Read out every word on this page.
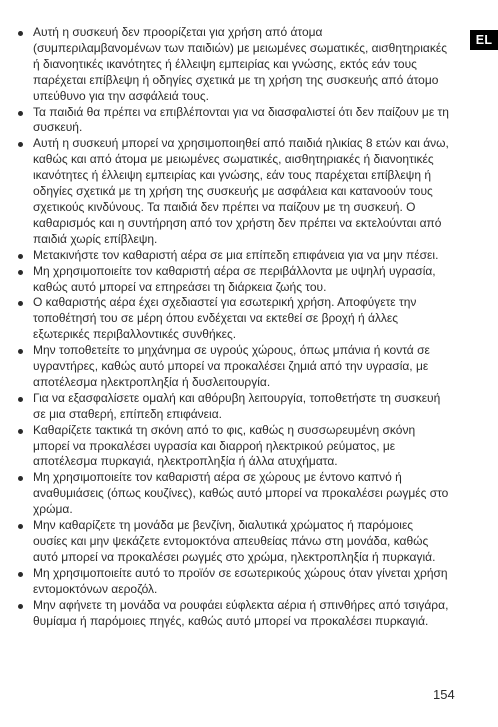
EL
Αυτή η συσκευή δεν προορίζεται για χρήση από άτομα (συμπεριλαμβανομένων των παιδιών) με μειωμένες σωματικές, αισθητηριακές ή διανοητικές ικανότητες ή έλλειψη εμπειρίας και γνώσης, εκτός εάν τους παρέχεται επίβλεψη ή οδηγίες σχετικά με τη χρήση της συσκευής από άτομο υπεύθυνο για την ασφάλειά τους.
Τα παιδιά θα πρέπει να επιβλέπονται για να διασφαλιστεί ότι δεν παίζουν με τη συσκευή.
Αυτή η συσκευή μπορεί να χρησιμοποιηθεί από παιδιά ηλικίας 8 ετών και άνω, καθώς και από άτομα με μειωμένες σωματικές, αισθητηριακές ή διανοητικές ικανότητες ή έλλειψη εμπειρίας και γνώσης, εάν τους παρέχεται επίβλεψη ή οδηγίες σχετικά με τη χρήση της συσκευής με ασφάλεια και κατανοούν τους σχετικούς κινδύνους. Τα παιδιά δεν πρέπει να παίζουν με τη συσκευή. Ο καθαρισμός και η συντήρηση από τον χρήστη δεν πρέπει να εκτελούνται από παιδιά χωρίς επίβλεψη.
Μετακινήστε τον καθαριστή αέρα σε μια επίπεδη επιφάνεια για να μην πέσει.
Μη χρησιμοποιείτε τον καθαριστή αέρα σε περιβάλλοντα με υψηλή υγρασία, καθώς αυτό μπορεί να επηρεάσει τη διάρκεια ζωής του.
Ο καθαριστής αέρα έχει σχεδιαστεί για εσωτερική χρήση. Αποφύγετε την τοποθέτησή του σε μέρη όπου ενδέχεται να εκτεθεί σε βροχή ή άλλες εξωτερικές περιβαλλοντικές συνθήκες.
Μην τοποθετείτε το μηχάνημα σε υγρούς χώρους, όπως μπάνια ή κοντά σε υγραντήρες, καθώς αυτό μπορεί να προκαλέσει ζημιά από την υγρασία, με αποτέλεσμα ηλεκτροπληξία ή δυσλειτουργία.
Για να εξασφαλίσετε ομαλή και αθόρυβη λειτουργία, τοποθετήστε τη συσκευή σε μια σταθερή, επίπεδη επιφάνεια.
Καθαρίζετε τακτικά τη σκόνη από το φις, καθώς η συσσωρευμένη σκόνη μπορεί να προκαλέσει υγρασία και διαρροή ηλεκτρικού ρεύματος, με αποτέλεσμα πυρκαγιά, ηλεκτροπληξία ή άλλα ατυχήματα.
Μη χρησιμοποιείτε τον καθαριστή αέρα σε χώρους με έντονο καπνό ή αναθυμιάσεις (όπως κουζίνες), καθώς αυτό μπορεί να προκαλέσει ρωγμές στο χρώμα.
Μην καθαρίζετε τη μονάδα με βενζίνη, διαλυτικά χρώματος ή παρόμοιες ουσίες και μην ψεκάζετε εντομοκτόνα απευθείας πάνω στη μονάδα, καθώς αυτό μπορεί να προκαλέσει ρωγμές στο χρώμα, ηλεκτροπληξία ή πυρκαγιά.
Μη χρησιμοποιείτε αυτό το προϊόν σε εσωτερικούς χώρους όταν γίνεται χρήση εντομοκτόνων αεροζόλ.
Μην αφήνετε τη μονάδα να ρουφάει εύφλεκτα αέρια ή σπινθήρες από τσιγάρα, θυμίαμα ή παρόμοιες πηγές, καθώς αυτό μπορεί να προκαλέσει πυρκαγιά.
154
